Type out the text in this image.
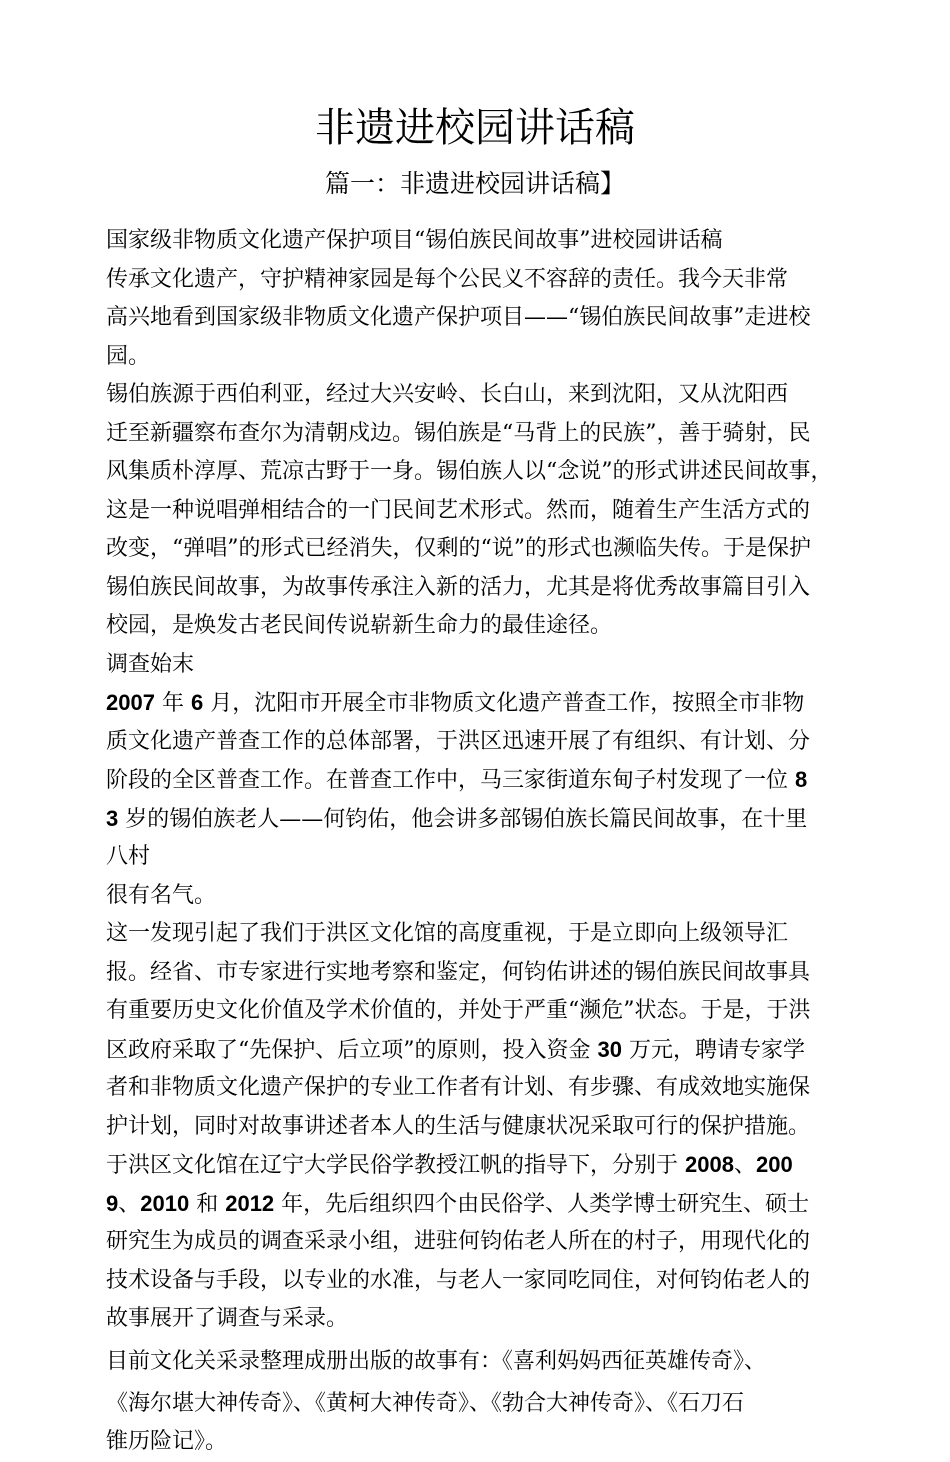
非遗进校园讲话稿
篇一：非遗进校园讲话稿】
国家级非物质文化遗产保护项目“锡伯族民间故事”进校园讲话稿
传承文化遗产，守护精神家园是每个公民义不容辞的责任。我今天非常
高兴地看到国家级非物质文化遗产保护项目——“锡伯族民间故事”走进校
园。
锡伯族源于西伯利亚，经过大兴安岭、长白山，来到沈阳，又从沈阳西
迁至新疆察布查尔为清朝戍边。锡伯族是“马背上的民族”，善于骑射，民
风集质朴淳厚、荒凉古野于一身。锡伯族人以“念说”的形式讲述民间故事，
这是一种说唱弹相结合的一门民间艺术形式。然而，随着生产生活方式的
改变，“弹唱”的形式已经消失，仅剩的“说”的形式也濒临失传。于是保护
锡伯族民间故事，为故事传承注入新的活力，尤其是将优秀故事篇目引入
校园，是焕发古老民间传说崭新生命力的最佳途径。
调查始末
2007 年 6 月，沈阳市开展全市非物质文化遗产普查工作，按照全市非物
质文化遗产普查工作的总体部署，于洪区迅速开展了有组织、有计划、分
阶段的全区普查工作。在普查工作中，马三家街道东甸子村发现了一位 8
3 岁的锡伯族老人——何钧佑，他会讲多部锡伯族长篇民间故事，在十里
八村
很有名气。
这一发现引起了我们于洪区文化馆的高度重视，于是立即向上级领导汇
报。经省、市专家进行实地考察和鉴定，何钧佑讲述的锡伯族民间故事具
有重要历史文化价值及学术价值的，并处于严重“濒危”状态。于是，于洪
区政府采取了“先保护、后立项”的原则，投入资金 30 万元，聘请专家学
者和非物质文化遗产保护的专业工作者有计划、有步骤、有成效地实施保
护计划，同时对故事讲述者本人的生活与健康状况采取可行的保护措施。
于洪区文化馆在辽宁大学民俗学教授江帆的指导下，分别于 2008、200
9、2010 和 2012 年，先后组织四个由民俗学、人类学博士研究生、硕士
研究生为成员的调查采录小组，进驻何钧佑老人所在的村子，用现代化的
技术设备与手段，以专业的水准，与老人一家同吃同住，对何钧佑老人的
故事展开了调查与采录。
目前文化关采录整理成册出版的故事有：《喜利妈妈西征英雄传奇》、
《海尔堪大神传奇》、《黄柯大神传奇》、《勃合大神传奇》、《石刀石
锥历险记》。
